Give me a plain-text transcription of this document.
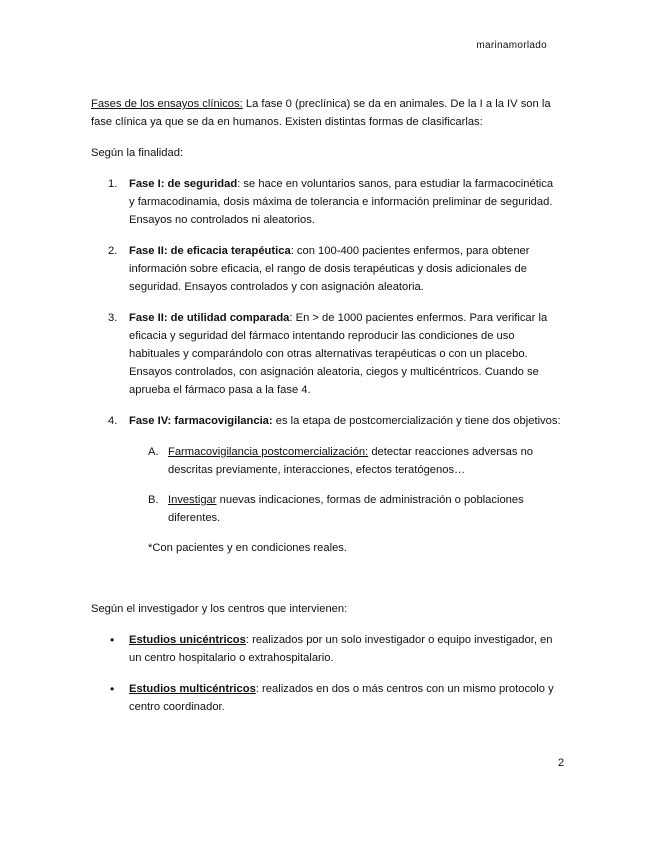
marinamorlado

Fases de los ensayos clínicos: La fase 0 (preclínica) se da en animales. De la I a la IV son la fase clínica ya que se da en humanos. Existen distintas formas de clasificarlas:

Según la finalidad:

1. Fase I: de seguridad: se hace en voluntarios sanos, para estudiar la farmacocinética y farmacodinamia, dosis máxima de tolerancia e información preliminar de seguridad. Ensayos no controlados ni aleatorios.
2. Fase II: de eficacia terapéutica: con 100-400 pacientes enfermos, para obtener información sobre eficacia, el rango de dosis terapéuticas y dosis adicionales de seguridad. Ensayos controlados y con asignación aleatoria.
3. Fase II: de utilidad comparada: En > de 1000 pacientes enfermos. Para verificar la eficacia y seguridad del fármaco intentando reproducir las condiciones de uso habituales y comparándolo con otras alternativas terapéuticas o con un placebo. Ensayos controlados, con asignación aleatoria, ciegos y multicéntricos. Cuando se aprueba el fármaco pasa a la fase 4.
4. Fase IV: farmacovigilancia: es la etapa de postcomercialización y tiene dos objetivos:
A. Farmacovigilancia postcomercialización: detectar reacciones adversas no descritas previamente, interacciones, efectos teratógenos…
B. Investigar nuevas indicaciones, formas de administración o poblaciones diferentes.

*Con pacientes y en condiciones reales.

Según el investigador y los centros que intervienen:

• Estudios unicéntricos: realizados por un solo investigador o equipo investigador, en un centro hospitalario o extrahospitalario.
• Estudios multicéntricos: realizados en dos o más centros con un mismo protocolo y centro coordinador.
2
